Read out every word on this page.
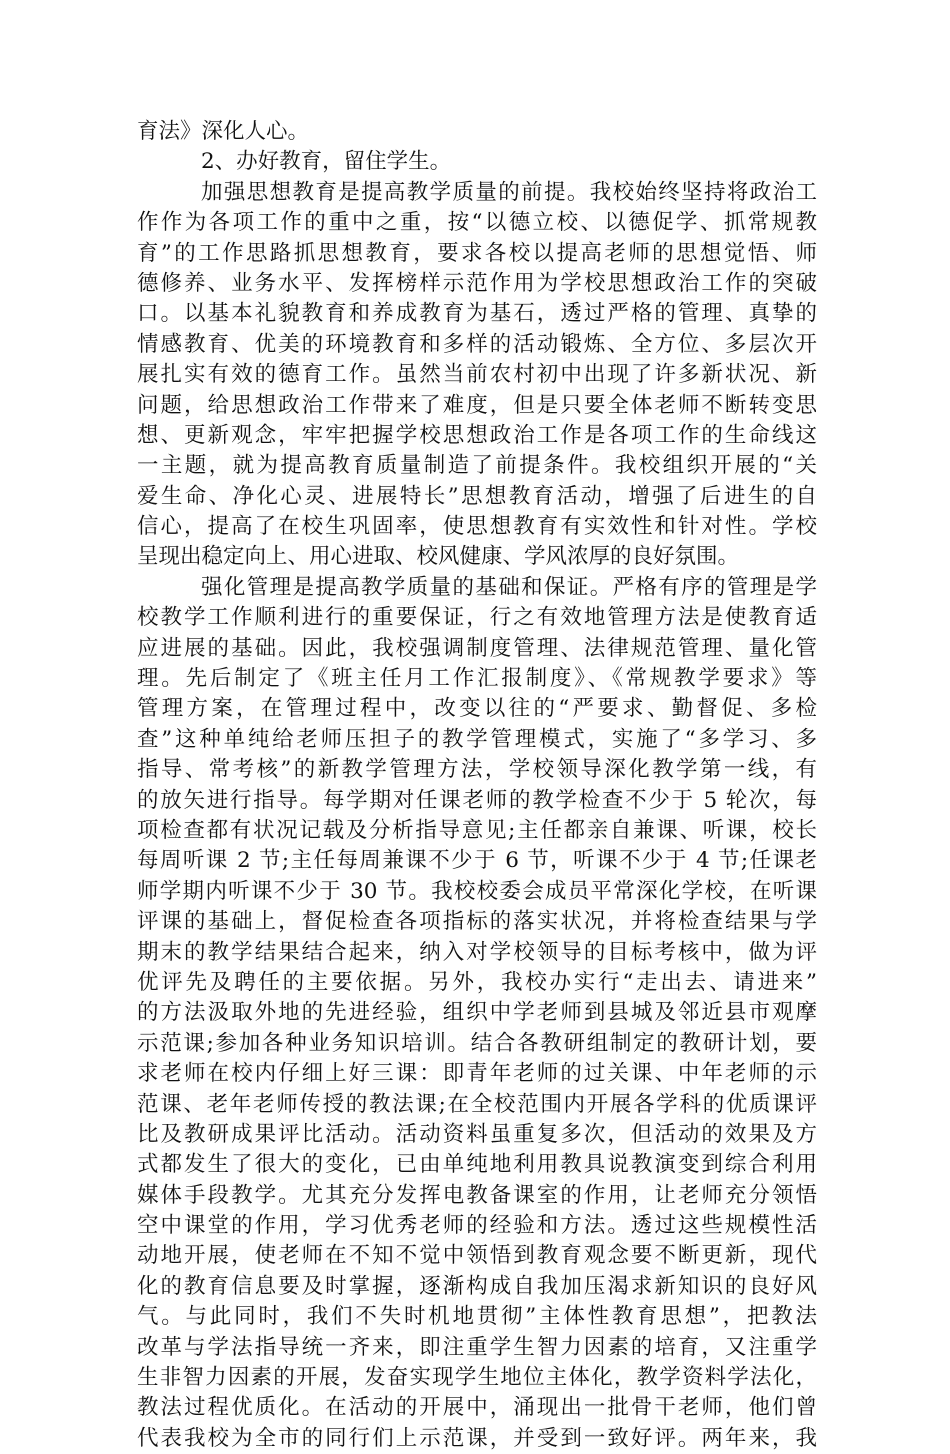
育法》深化人心。
2、办好教育，留住学生。
加强思想教育是提高教学质量的前提。我校始终坚持将政治工
作作为各项工作的重中之重，按“以德立校、以德促学、抓常规教
育”的工作思路抓思想教育，要求各校以提高老师的思想觉悟、师
德修养、业务水平、发挥榜样示范作用为学校思想政治工作的突破
口。以基本礼貌教育和养成教育为基石，透过严格的管理、真挚的
情感教育、优美的环境教育和多样的活动锻炼、全方位、多层次开
展扎实有效的德育工作。虽然当前农村初中出现了许多新状况、新
问题，给思想政治工作带来了难度，但是只要全体老师不断转变思
想、更新观念，牢牢把握学校思想政治工作是各项工作的生命线这
一主题，就为提高教育质量制造了前提条件。我校组织开展的“关
爱生命、净化心灵、进展特长”思想教育活动，增强了后进生的自
信心，提高了在校生巩固率，使思想教育有实效性和针对性。学校
呈现出稳定向上、用心进取、校风健康、学风浓厚的良好氛围。
强化管理是提高教学质量的基础和保证。严格有序的管理是学
校教学工作顺利进行的重要保证，行之有效地管理方法是使教育适
应进展的基础。因此，我校强调制度管理、法律规范管理、量化管
理。先后制定了《班主任月工作汇报制度》、《常规教学要求》等
管理方案，在管理过程中，改变以往的“严要求、勤督促、多检
查”这种单纯给老师压担子的教学管理模式，实施了“多学习、多
指导、常考核”的新教学管理方法，学校领导深化教学第一线，有
的放矢进行指导。每学期对任课老师的教学检查不少于 5 轮次，每
项检查都有状况记载及分析指导意见;主任都亲自兼课、听课，校长
每周听课 2 节;主任每周兼课不少于 6 节，听课不少于 4 节;任课老
师学期内听课不少于 30 节。我校校委会成员平常深化学校，在听课
评课的基础上，督促检查各项指标的落实状况，并将检查结果与学
期末的教学结果结合起来，纳入对学校领导的目标考核中，做为评
优评先及聘任的主要依据。另外，我校办实行“走出去、请进来”
的方法汲取外地的先进经验，组织中学老师到县城及邻近县市观摩
示范课;参加各种业务知识培训。结合各教研组制定的教研计划，要
求老师在校内仔细上好三课：即青年老师的过关课、中年老师的示
范课、老年老师传授的教法课;在全校范围内开展各学科的优质课评
比及教研成果评比活动。活动资料虽重复多次，但活动的效果及方
式都发生了很大的变化，已由单纯地利用教具说教演变到综合利用
媒体手段教学。尤其充分发挥电教备课室的作用，让老师充分领悟
空中课堂的作用，学习优秀老师的经验和方法。透过这些规模性活
动地开展，使老师在不知不觉中领悟到教育观念要不断更新，现代
化的教育信息要及时掌握，逐渐构成自我加压渴求新知识的良好风
气。与此同时，我们不失时机地贯彻”主体性教育思想”，把教法
改革与学法指导统一齐来，即注重学生智力因素的培育，又注重学
生非智力因素的开展，发奋实现学生地位主体化，教学资料学法化，
教法过程优质化。在活动的开展中，涌现出一批骨干老师，他们曾
代表我校为全市的同行们上示范课，并受到一致好评。两年来，我
